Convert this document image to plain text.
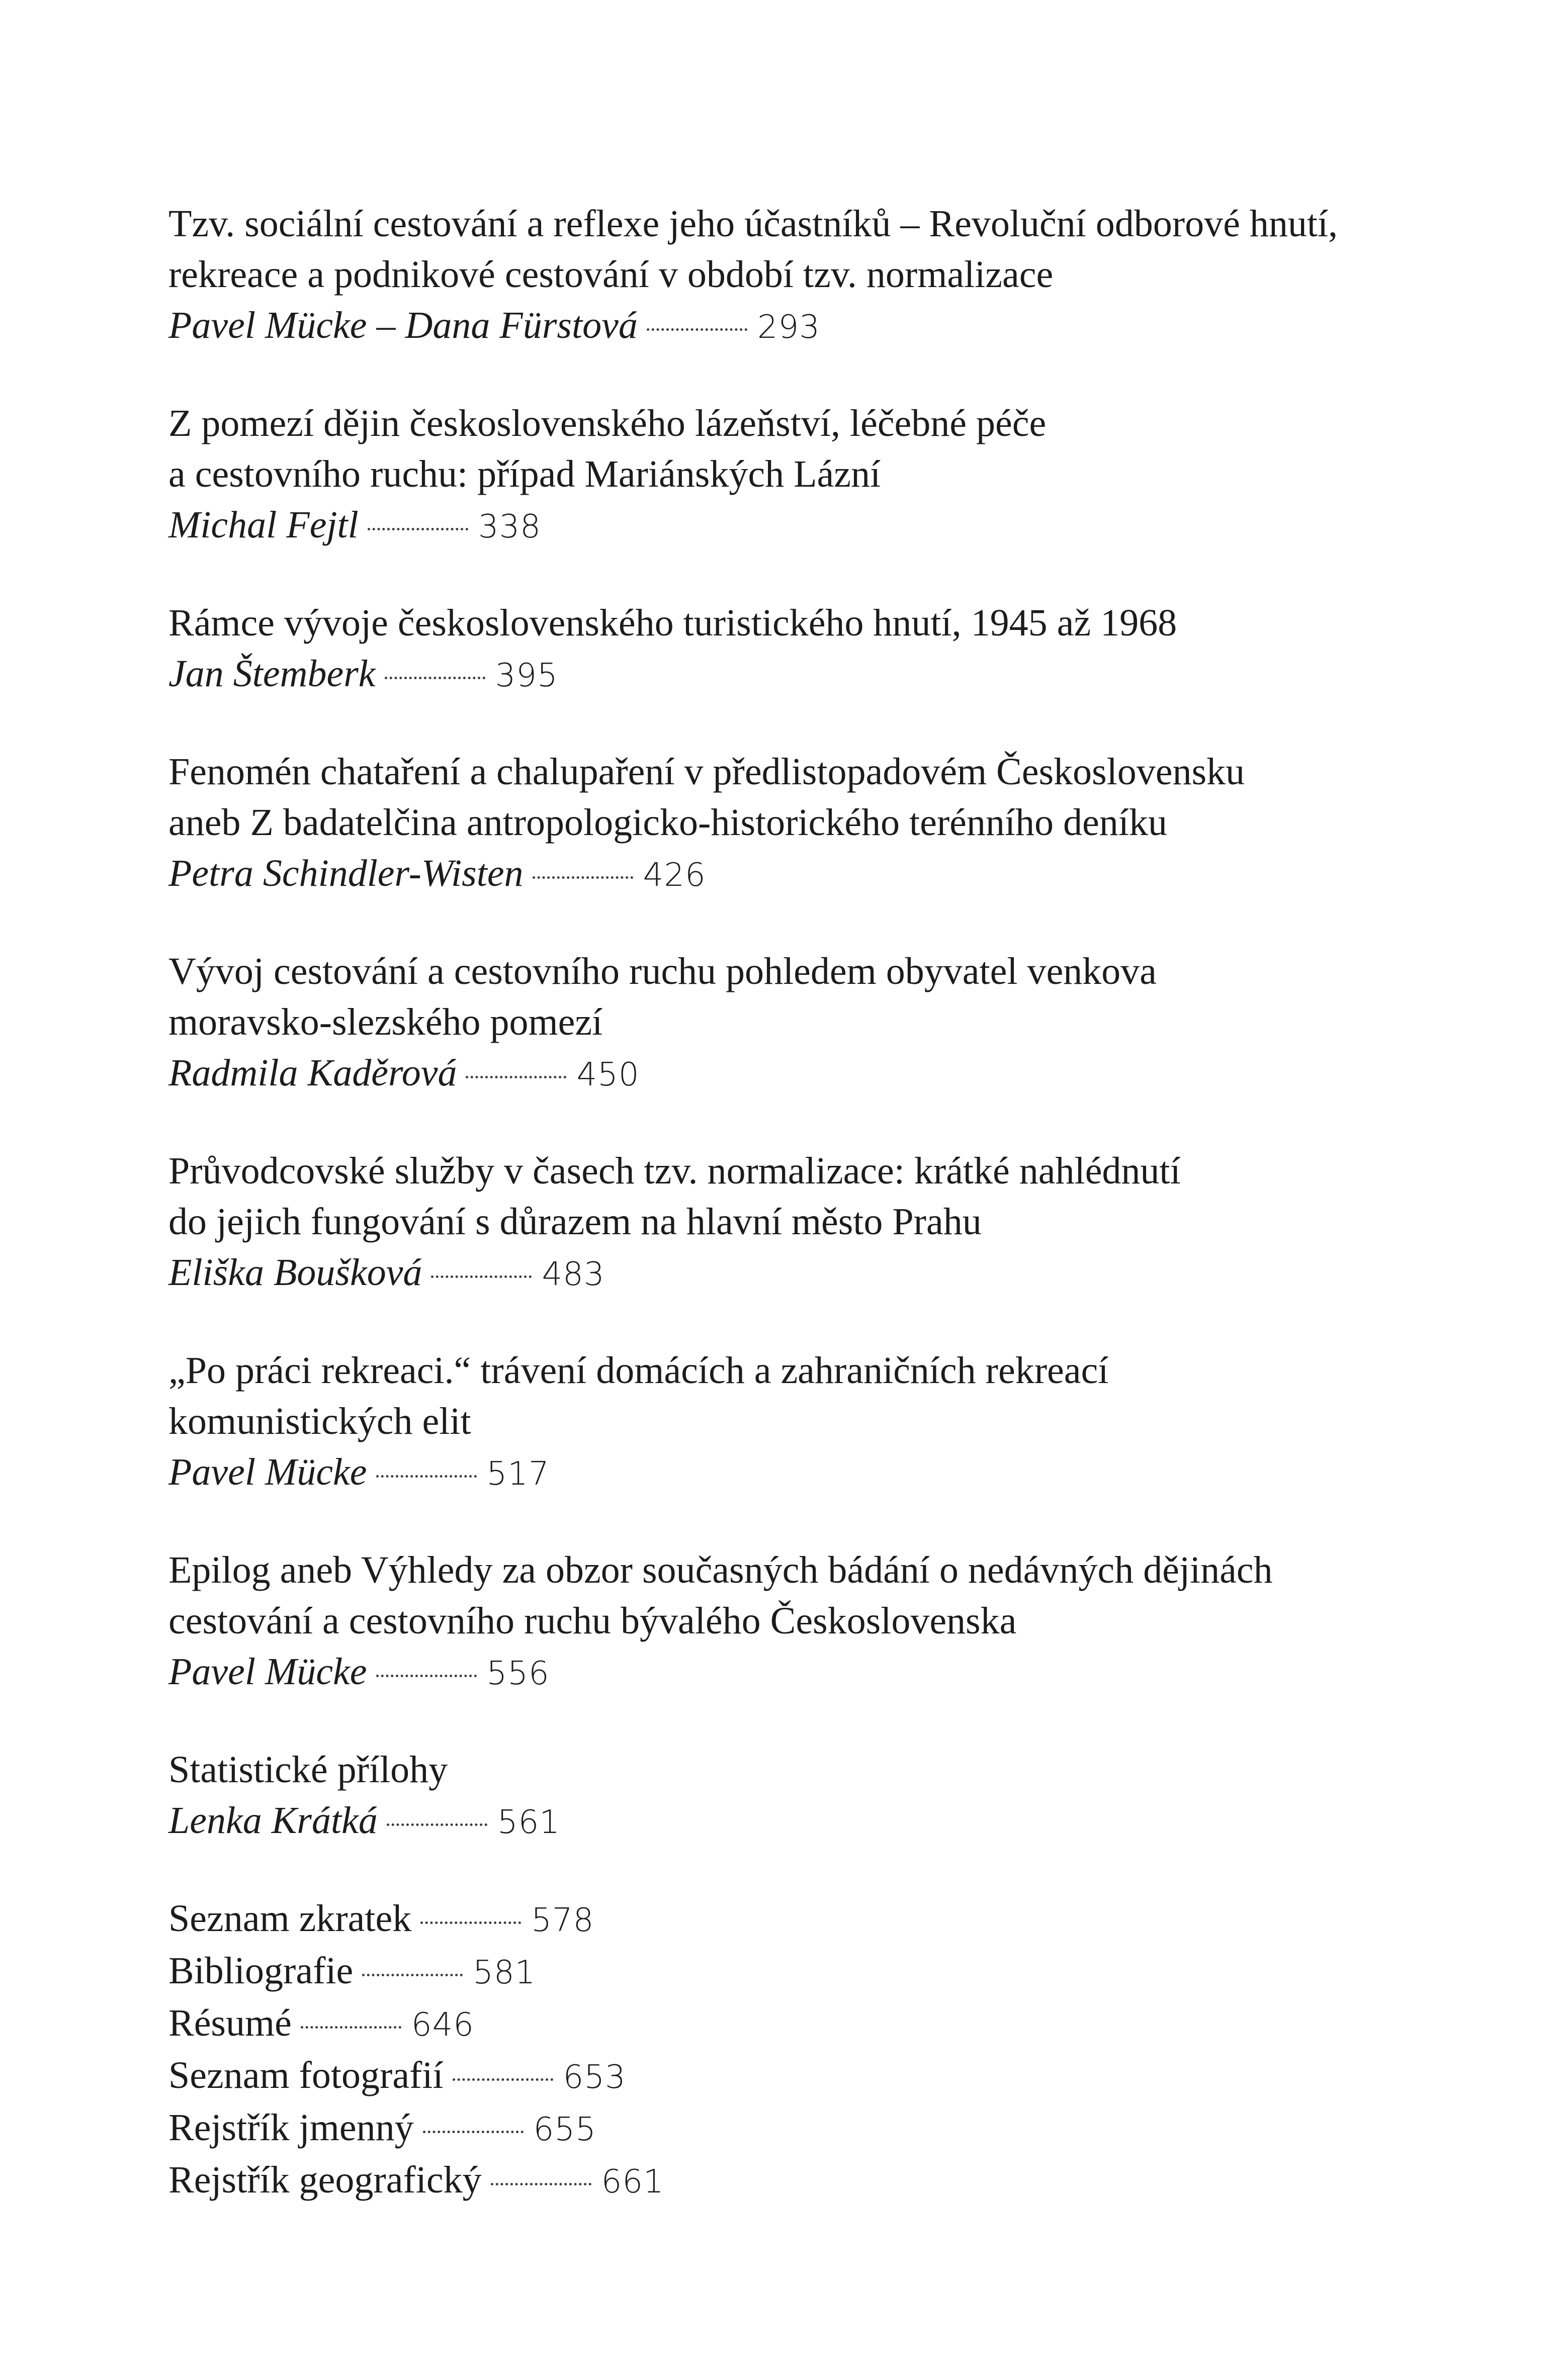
Tzv. sociální cestování a reflexe jeho účastníků – Revoluční odborové hnutí,
rekreace a podnikové cestování v období tzv. normalizace
Pavel Mücke – Dana Fürstová	293
Z pomezí dějin československého lázeňství, léčebné péče
a cestovního ruchu: případ Mariánských Lázní
Michal Fejtl	338
Rámce vývoje československého turistického hnutí, 1945 až 1968
Jan Štemberk	395
Fenomén chataření a chalupaření v předlistopadovém Československu
aneb Z badatelčina antropologicko-historického terénního deníku
Petra Schindler-Wisten	426
Vývoj cestování a cestovního ruchu pohledem obyvatel venkova
moravsko-slezského pomezí
Radmila Kaděrová	450
Průvodcovské služby v časech tzv. normalizace: krátké nahlédnutí
do jejich fungování s důrazem na hlavní město Prahu
Eliška Boušková	483
„Po práci rekreaci.“ trávení domácích a zahraničních rekreací
komunistických elit
Pavel Mücke	517
Epilog aneb Výhledy za obzor současných bádání o nedávných dějinách
cestování a cestovního ruchu bývalého Československa
Pavel Mücke	556
Statistické přílohy
Lenka Krátká	561
Seznam zkratek	578
Bibliografie	581
Résumé	646
Seznam fotografií	653
Rejstřík jmenný	655
Rejstřík geografický	661
